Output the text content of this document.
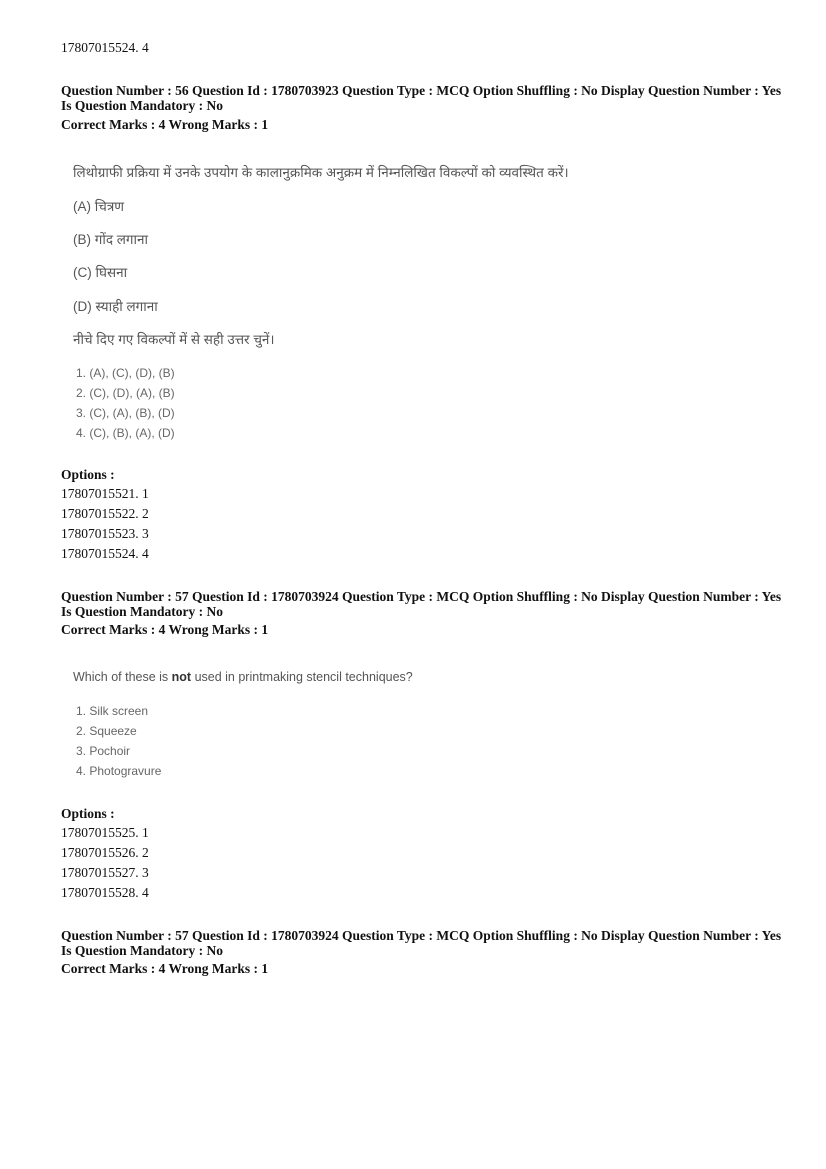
17807015524. 4
Question Number : 56 Question Id : 1780703923 Question Type : MCQ Option Shuffling : No Display Question Number : Yes
Is Question Mandatory : No
Correct Marks : 4 Wrong Marks : 1
लिथोग्राफी प्रक्रिया में उनके उपयोग के कालानुक्रमिक अनुक्रम में निम्नलिखित विकल्पों को व्यवस्थित करें।
(A) चित्रण
(B) गोंद लगाना
(C) घिसना
(D) स्याही लगाना
नीचे दिए गए विकल्पों में से सही उत्तर चुनें।
1. (A), (C), (D), (B)
2. (C), (D), (A), (B)
3. (C), (A), (B), (D)
4. (C), (B), (A), (D)
Options :
17807015521. 1
17807015522. 2
17807015523. 3
17807015524. 4
Question Number : 57 Question Id : 1780703924 Question Type : MCQ Option Shuffling : No Display Question Number : Yes
Is Question Mandatory : No
Correct Marks : 4 Wrong Marks : 1
Which of these is not used in printmaking stencil techniques?
1. Silk screen
2. Squeeze
3. Pochoir
4. Photogravure
Options :
17807015525. 1
17807015526. 2
17807015527. 3
17807015528. 4
Question Number : 57 Question Id : 1780703924 Question Type : MCQ Option Shuffling : No Display Question Number : Yes
Is Question Mandatory : No
Correct Marks : 4 Wrong Marks : 1
